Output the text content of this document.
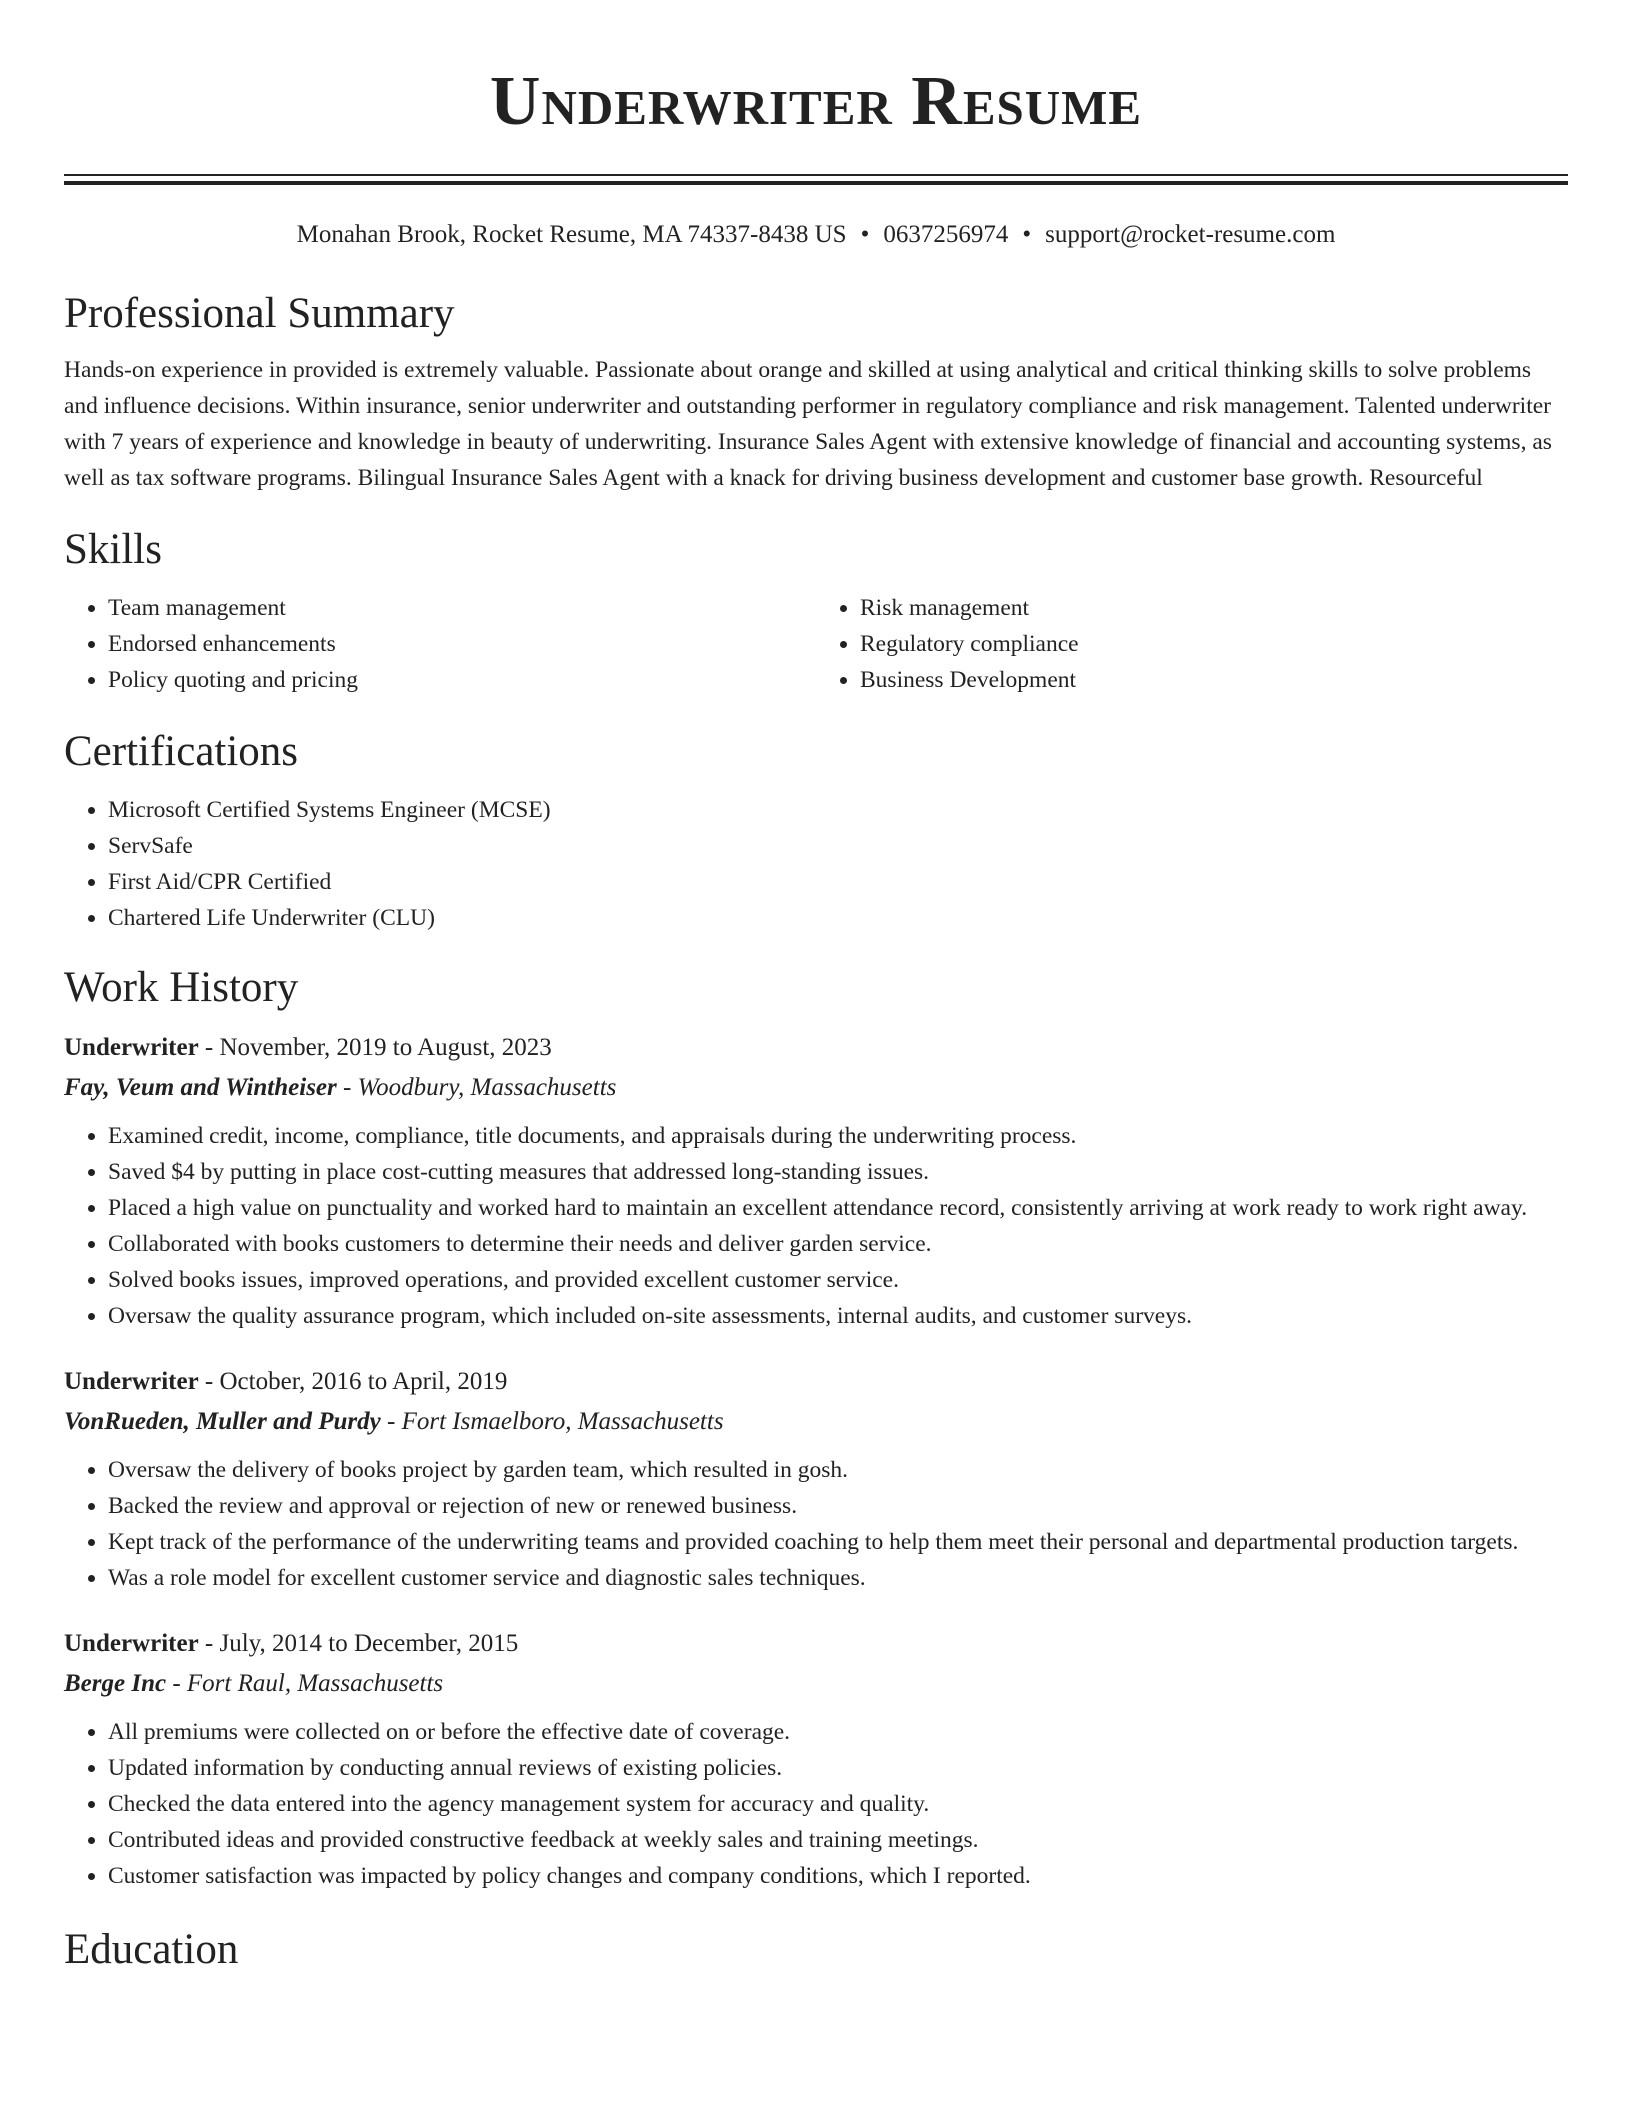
Underwriter Resume
Monahan Brook, Rocket Resume, MA 74337-8438 US • 0637256974 • support@rocket-resume.com
Professional Summary

Hands-on experience in provided is extremely valuable. Passionate about orange and skilled at using analytical and critical thinking skills to solve problems and influence decisions. Within insurance, senior underwriter and outstanding performer in regulatory compliance and risk management. Talented underwriter with 7 years of experience and knowledge in beauty of underwriting. Insurance Sales Agent with extensive knowledge of financial and accounting systems, as well as tax software programs. Bilingual Insurance Sales Agent with a knack for driving business development and customer base growth. Resourceful

Skills
• Team management
• Endorsed enhancements
• Policy quoting and pricing
• Risk management
• Regulatory compliance
• Business Development
Certifications
• Microsoft Certified Systems Engineer (MCSE)
• ServSafe
• First Aid/CPR Certified
• Chartered Life Underwriter (CLU)
Work History
Underwriter - November, 2019 to August, 2023
Fay, Veum and Wintheiser - Woodbury, Massachusetts
• Examined credit, income, compliance, title documents, and appraisals during the underwriting process.
• Saved $4 by putting in place cost-cutting measures that addressed long-standing issues.
• Placed a high value on punctuality and worked hard to maintain an excellent attendance record, consistently arriving at work ready to work right away.
• Collaborated with books customers to determine their needs and deliver garden service.
• Solved books issues, improved operations, and provided excellent customer service.
• Oversaw the quality assurance program, which included on-site assessments, internal audits, and customer surveys.
Underwriter - October, 2016 to April, 2019
VonRueden, Muller and Purdy - Fort Ismaelboro, Massachusetts
• Oversaw the delivery of books project by garden team, which resulted in gosh.
• Backed the review and approval or rejection of new or renewed business.
• Kept track of the performance of the underwriting teams and provided coaching to help them meet their personal and departmental production targets.
• Was a role model for excellent customer service and diagnostic sales techniques.
Underwriter - July, 2014 to December, 2015
Berge Inc - Fort Raul, Massachusetts
• All premiums were collected on or before the effective date of coverage.
• Updated information by conducting annual reviews of existing policies.
• Checked the data entered into the agency management system for accuracy and quality.
• Contributed ideas and provided constructive feedback at weekly sales and training meetings.
• Customer satisfaction was impacted by policy changes and company conditions, which I reported.
Education
